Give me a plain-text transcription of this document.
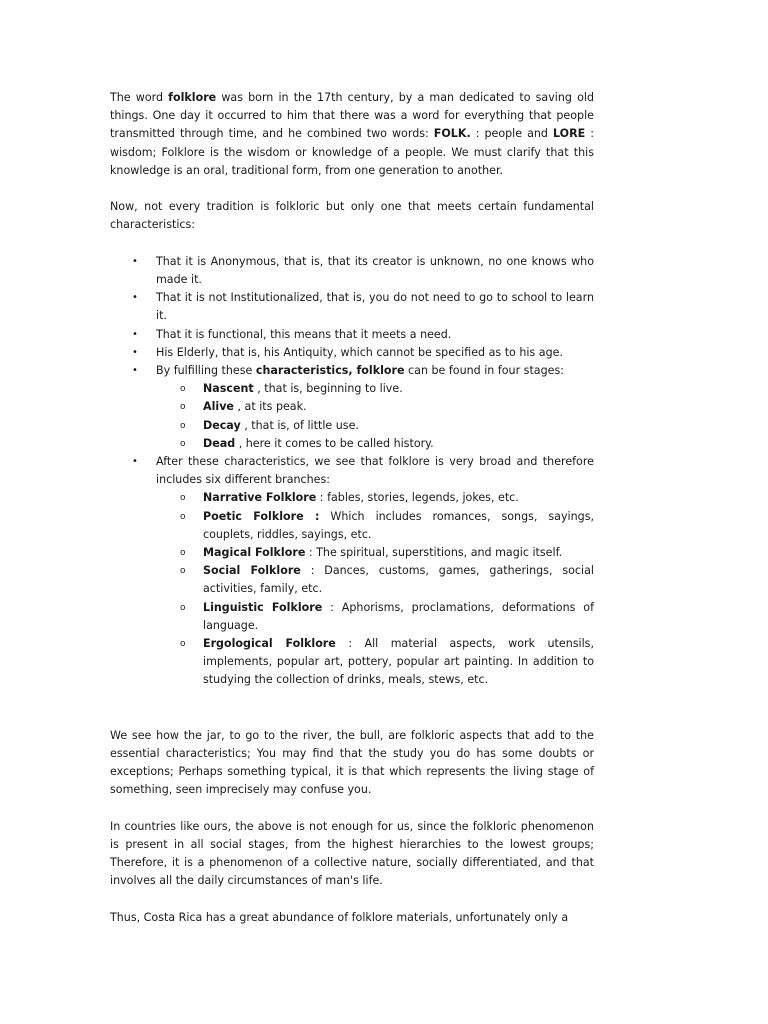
The word folklore was born in the 17th century, by a man dedicated to saving old things. One day it occurred to him that there was a word for everything that people transmitted through time, and he combined two words: FOLK. : people and LORE : wisdom; Folklore is the wisdom or knowledge of a people. We must clarify that this knowledge is an oral, traditional form, from one generation to another.

Now, not every tradition is folkloric but only one that meets certain fundamental characteristics:

• That it is Anonymous, that is, that its creator is unknown, no one knows who made it.
• That it is not Institutionalized, that is, you do not need to go to school to learn it.
• That it is functional, this means that it meets a need.
• His Elderly, that is, his Antiquity, which cannot be specified as to his age.
• By fulfilling these characteristics, folklore can be found in four stages:
o Nascent , that is, beginning to live.
o Alive , at its peak.
o Decay , that is, of little use.
o Dead , here it comes to be called history.
• After these characteristics, we see that folklore is very broad and therefore includes six different branches:
o Narrative Folklore : fables, stories, legends, jokes, etc.
o Poetic Folklore : Which includes romances, songs, sayings, couplets, riddles, sayings, etc.
o Magical Folklore : The spiritual, superstitions, and magic itself.
o Social Folklore : Dances, customs, games, gatherings, social activities, family, etc.
o Linguistic Folklore : Aphorisms, proclamations, deformations of language.
o Ergological Folklore : All material aspects, work utensils, implements, popular art, pottery, popular art painting. In addition to studying the collection of drinks, meals, stews, etc.

We see how the jar, to go to the river, the bull, are folkloric aspects that add to the essential characteristics; You may find that the study you do has some doubts or exceptions; Perhaps something typical, it is that which represents the living stage of something, seen imprecisely may confuse you.

In countries like ours, the above is not enough for us, since the folkloric phenomenon is present in all social stages, from the highest hierarchies to the lowest groups; Therefore, it is a phenomenon of a collective nature, socially differentiated, and that involves all the daily circumstances of man's life.

Thus, Costa Rica has a great abundance of folklore materials, unfortunately only a
